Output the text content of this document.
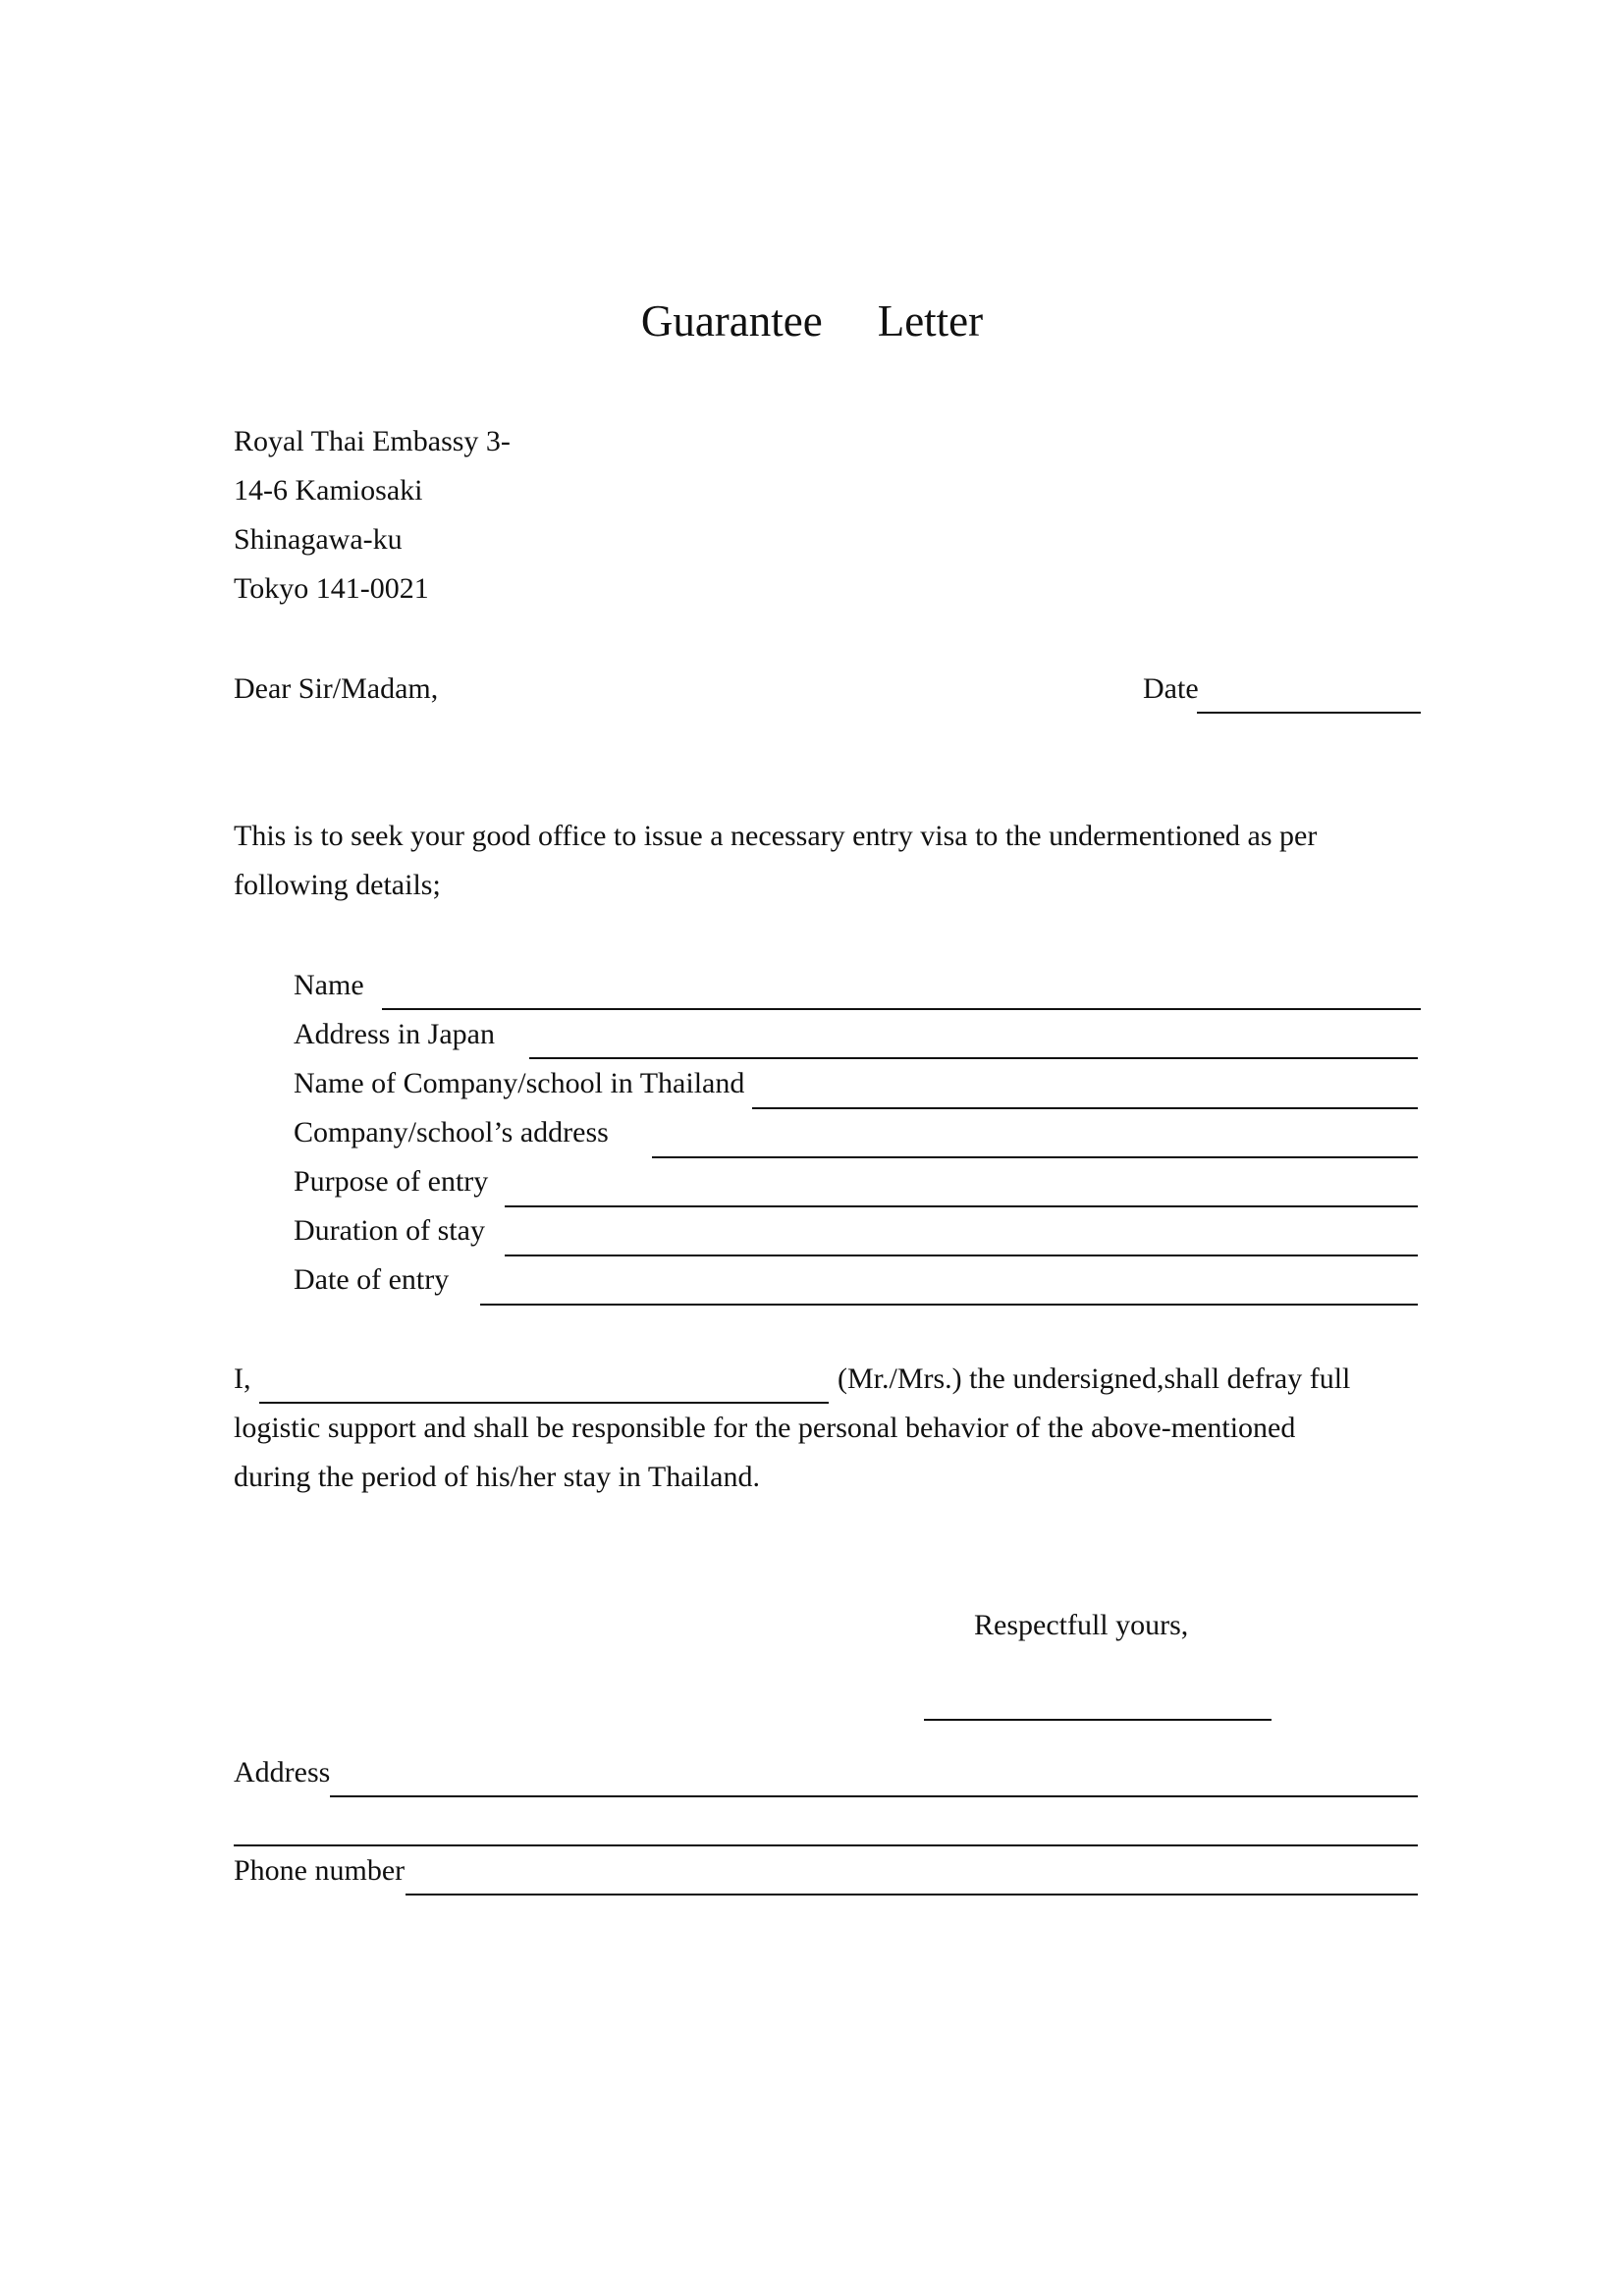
Guarantee Letter
Royal Thai Embassy 3-
14-6 Kamiosaki
Shinagawa-ku
Tokyo 141-0021
Dear Sir/Madam,	Date
This is to seek your good office to issue a necessary entry visa to the undermentioned as per
following details;
Name
Address in Japan
Name of Company/school in Thailand
Company/school’s address
Purpose of entry
Duration of stay
Date of entry
I,	(Mr./Mrs.) the undersigned,shall defray full
logistic support and shall be responsible for the personal behavior of the above-mentioned
during the period of his/her stay in Thailand.
Respectfull yours,
Address
Phone number
